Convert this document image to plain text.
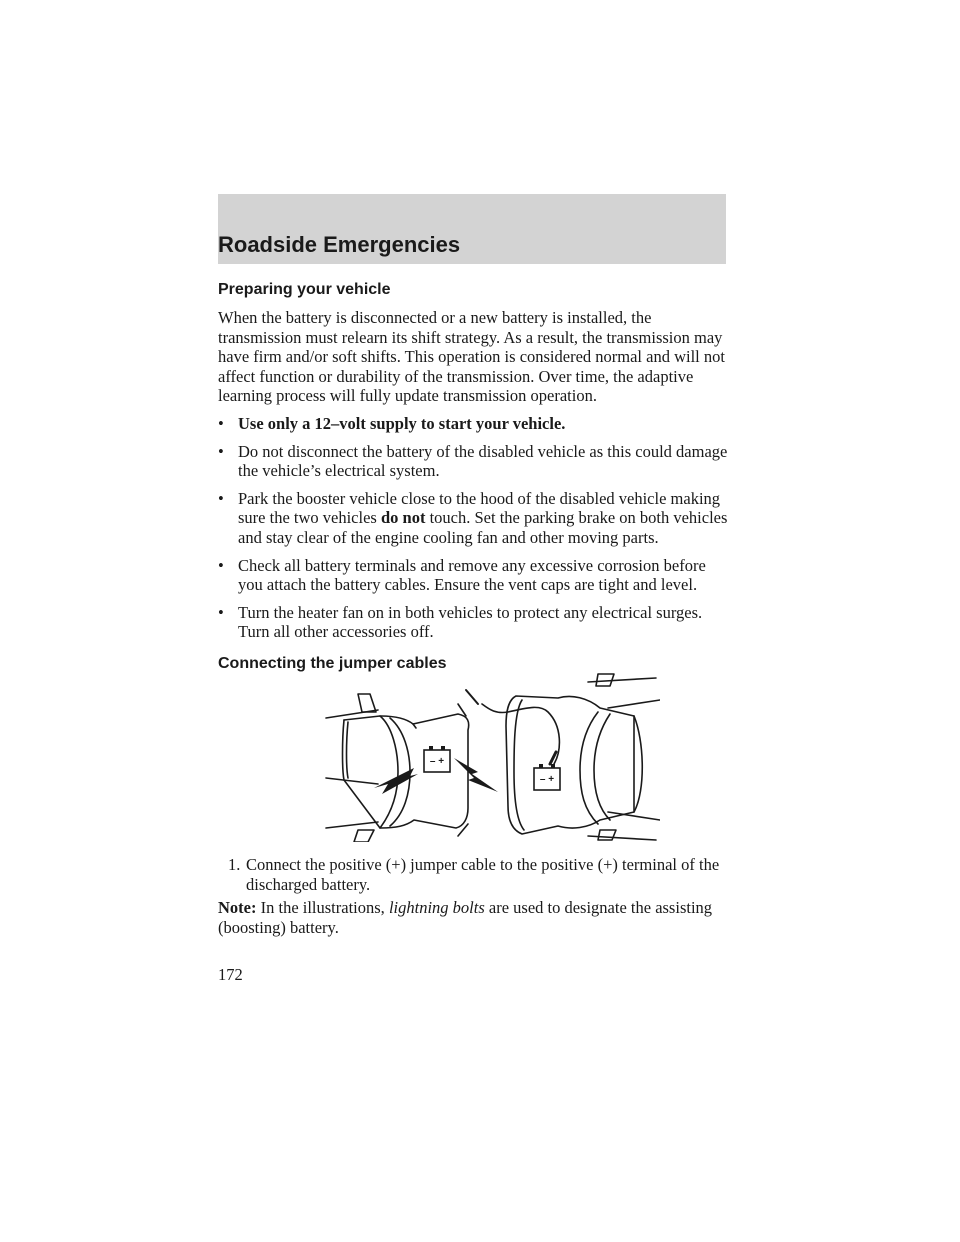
Roadside Emergencies
Preparing your vehicle

When the battery is disconnected or a new battery is installed, the transmission must relearn its shift strategy. As a result, the transmission may have firm and/or soft shifts. This operation is considered normal and will not affect function or durability of the transmission. Over time, the adaptive learning process will fully update transmission operation.

• Use only a 12–volt supply to start your vehicle.
• Do not disconnect the battery of the disabled vehicle as this could damage the vehicle’s electrical system.
• Park the booster vehicle close to the hood of the disabled vehicle making sure the two vehicles do not touch. Set the parking brake on both vehicles and stay clear of the engine cooling fan and other moving parts.
• Check all battery terminals and remove any excessive corrosion before you attach the battery cables. Ensure the vent caps are tight and level.
• Turn the heater fan on in both vehicles to protect any electrical surges. Turn all other accessories off.
Connecting the jumper cables
– +
– +
1. Connect the positive (+) jumper cable to the positive (+) terminal of the discharged battery.
Note: In the illustrations, lightning bolts are used to designate the assisting (boosting) battery.
172
